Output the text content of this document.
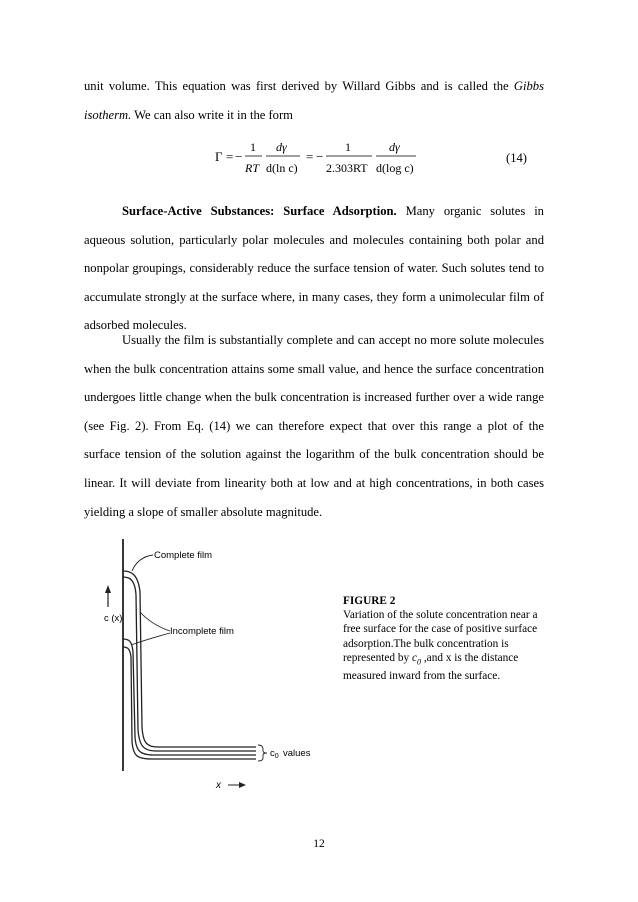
unit volume. This equation was first derived by Willard Gibbs and is called the Gibbs isotherm. We can also write it in the form

Γ = −
1
RT
dγ
d(ln c)
= −
1
2.303RT
dγ
d(log c)
(14)

Surface-Active Substances: Surface Adsorption. Many organic solutes in aqueous solution, particularly polar molecules and molecules containing both polar and nonpolar groupings, considerably reduce the surface tension of water. Such solutes tend to accumulate strongly at the surface where, in many cases, they form a unimolecular film of adsorbed molecules.

Usually the film is substantially complete and can accept no more solute molecules when the bulk concentration attains some small value, and hence the surface concentration undergoes little change when the bulk concentration is increased further over a wide range (see Fig. 2). From Eq. (14) we can therefore expect that over this range a plot of the surface tension of the solution against the logarithm of the bulk concentration should be linear. It will deviate from linearity both at low and at high concentrations, in both cases yielding a slope of smaller absolute magnitude.

c (x)
Complete film
Incomplete film
$c_0$ values
x
FIGURE 2
Variation of the solute concentration near a free surface for the case of positive surface adsorption.The bulk concentration is represented by $c_0$ ,and x is the distance measured inward from the surface.
12
